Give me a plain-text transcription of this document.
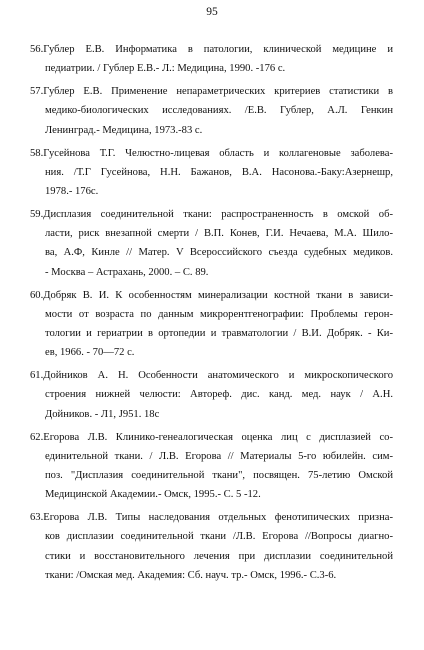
95
56.Гублер Е.В. Информатика в патологии, клинической медицине и
педиатрии. / Гублер Е.В.- Л.: Медицина, 1990. -176 с.
57.Гублер Е.В. Применение непараметрических критериев статистики в
медико-биологических исследованиях. /Е.В. Гублер, А.Л. Генкин
Ленинград.- Медицина, 1973.-83 с.
58.Гусейнова Т.Г. Челюстно-лицевая область и коллагеновые заболева-
ния. /Т.Г Гусейнова, Н.Н. Бажанов, В.А. Насонова.-Баку:Азернешр,
1978.- 176с.
59.Дисплазия соединительной ткани: распространенность в омской об-
ласти, риск внезапной смерти / В.П. Конев, Г.И. Нечаева, М.А. Шило-
ва, А.Ф, Кинле // Матер. V Всероссийского съезда судебных медиков.
- Москва – Астрахань, 2000. – С. 89.
60.Добряк В. И. К особенностям минерализации костной ткани в зависи-
мости от возраста по данным микрорентгенографии: Проблемы герон-
тологии и гериатрии в ортопедии и травматологии / В.И. Добряк. - Ки-
ев, 1966. - 70—72 с.
61.Дойников А. Н. Особенности анатомического и микроскопического
строения нижней челюсти: Автореф. дис. канд. мед. наук / А.Н.
Дойников. - Л1, J951. 18с
62.Егорова Л.В. Клинико-генеалогическая оценка лиц с дисплазией со-
единительной ткани. / Л.В. Егорова // Материалы 5-го юбилейн. сим-
поз. "Дисплазия соединительной ткани", посвящен. 75-летию Омской
Медицинской Академии.- Омск, 1995.- С. 5 -12.
63.Егорова Л.В. Типы наследования отдельных фенотипических призна-
ков дисплазии соединительной ткани /Л.В. Егорова //Вопросы диагно-
стики и восстановительного лечения при дисплазии соединительной
ткани: /Омская мед. Академия: Сб. науч. тр.- Омск, 1996.- С.3-6.
